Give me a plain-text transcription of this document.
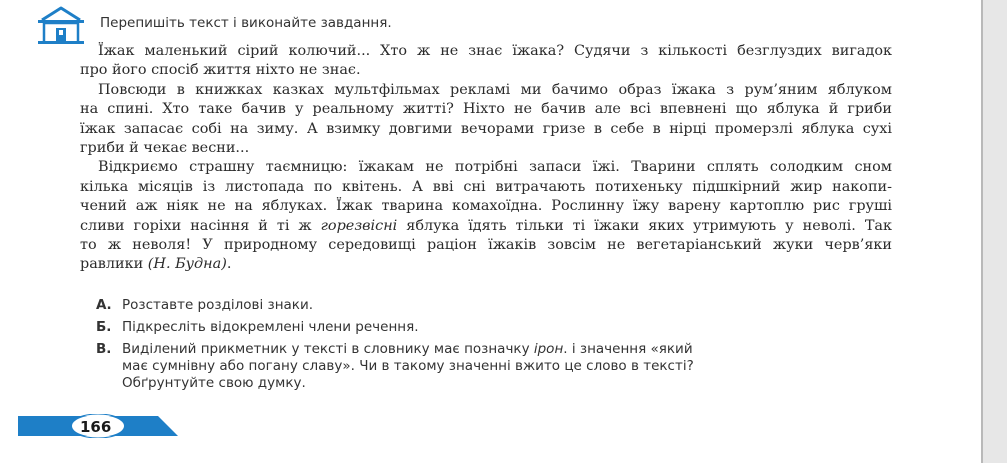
Перепишіть текст і виконайте завдання.
Їжак маленький сірий колючий... Хто ж не знає їжака? Судячи з кількості безглуздих вигадок
про його спосіб життя ніхто не знає.
Повсюди в книжках казках мультфільмах рекламі ми бачимо образ їжака з рум’яним яблуком
на спині. Хто таке бачив у реальному житті? Ніхто не бачив але всі впевнені що яблука й гриби
їжак запасає собі на зиму. А взимку довгими вечорами гризе в себе в нірці промерзлі яблука сухі
гриби й чекає весни...
Відкриємо страшну таємницю: їжакам не потрібні запаси їжі. Тварини сплять солодким сном
кілька місяців із листопада по квітень. А вві сні витрачають потихеньку підшкірний жир накопи-
чений аж ніяк не на яблуках. Їжак тварина комахоїдна. Рослинну їжу варену картоплю рис груші
сливи горіхи насіння й ті ж горезвісні яблука їдять тільки ті їжаки яких утримують у неволі. Так
то ж неволя! У природному середовищі раціон їжаків зовсім не вегетаріанський жуки черв’яки
равлики (Н. Будна).
А. Розставте розділові знаки.
Б. Підкресліть відокремлені члени речення.
В. Виділений прикметник у тексті в словнику має позначку ірон. і значення «який
має сумнівну або погану славу». Чи в такому значенні вжито це слово в тексті?
Обґрунтуйте свою думку.
166
